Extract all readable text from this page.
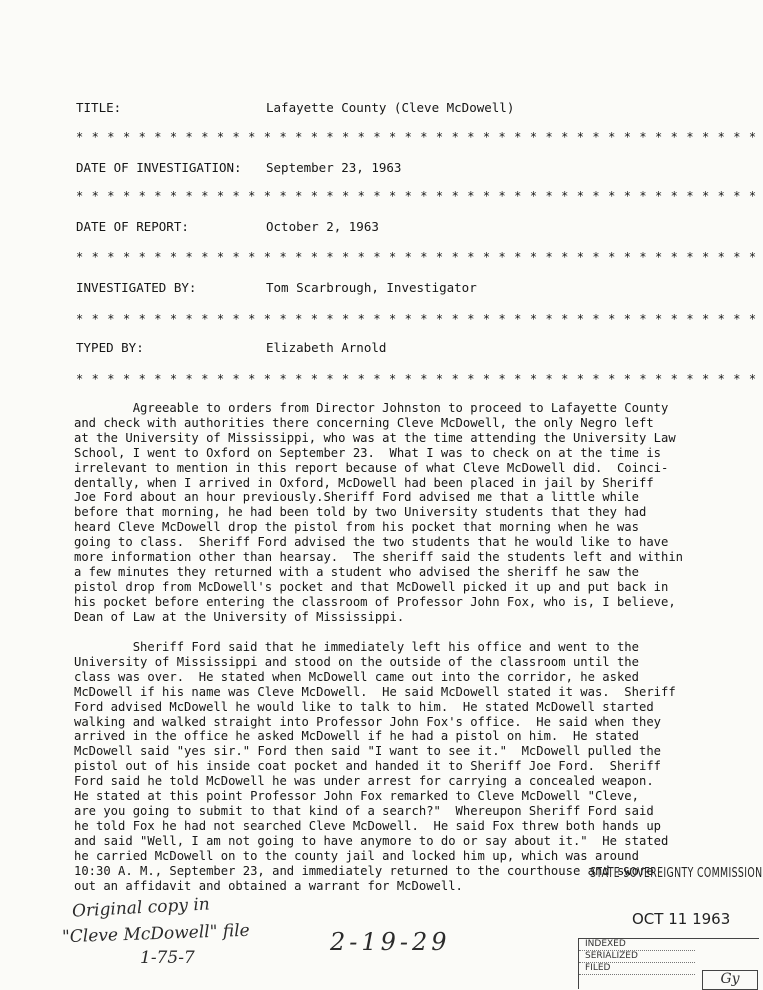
TITLE:	Lafayette County (Cleve McDowell)
* * * * * * * * * * * * * * * * * * * * * * * * * * * * * * * * * * * * * * * * * * * *
DATE OF INVESTIGATION: September 23, 1963
* * * * * * * * * * * * * * * * * * * * * * * * * * * * * * * * * * * * * * * * * * * *
DATE OF REPORT:	October 2, 1963
* * * * * * * * * * * * * * * * * * * * * * * * * * * * * * * * * * * * * * * * * * * *
INVESTIGATED BY:	Tom Scarbrough, Investigator
* * * * * * * * * * * * * * * * * * * * * * * * * * * * * * * * * * * * * * * * * * * *
TYPED BY:	Elizabeth Arnold
* * * * * * * * * * * * * * * * * * * * * * * * * * * * * * * * * * * * * * * * * * * *
Agreeable to orders from Director Johnston to proceed to Lafayette County
and check with authorities there concerning Cleve McDowell, the only Negro left
at the University of Mississippi, who was at the time attending the University Law
School, I went to Oxford on September 23.  What I was to check on at the time is
irrelevant to mention in this report because of what Cleve McDowell did.  Coinci-
dentally, when I arrived in Oxford, McDowell had been placed in jail by Sheriff
Joe Ford about an hour previously.Sheriff Ford advised me that a little while
before that morning, he had been told by two University students that they had
heard Cleve McDowell drop the pistol from his pocket that morning when he was
going to class.  Sheriff Ford advised the two students that he would like to have
more information other than hearsay.  The sheriff said the students left and within
a few minutes they returned with a student who advised the sheriff he saw the
pistol drop from McDowell's pocket and that McDowell picked it up and put back in
his pocket before entering the classroom of Professor John Fox, who is, I believe,
Dean of Law at the University of Mississippi.
Sheriff Ford said that he immediately left his office and went to the
University of Mississippi and stood on the outside of the classroom until the
class was over.  He stated when McDowell came out into the corridor, he asked
McDowell if his name was Cleve McDowell.  He said McDowell stated it was.  Sheriff
Ford advised McDowell he would like to talk to him.  He stated McDowell started
walking and walked straight into Professor John Fox's office.  He said when they
arrived in the office he asked McDowell if he had a pistol on him.  He stated
McDowell said "yes sir." Ford then said "I want to see it."  McDowell pulled the
pistol out of his inside coat pocket and handed it to Sheriff Joe Ford.  Sheriff
Ford said he told McDowell he was under arrest for carrying a concealed weapon.
He stated at this point Professor John Fox remarked to Cleve McDowell "Cleve,
are you going to submit to that kind of a search?"  Whereupon Sheriff Ford said
he told Fox he had not searched Cleve McDowell.  He said Fox threw both hands up
and said "Well, I am not going to have anymore to do or say about it."  He stated
he carried McDowell on to the county jail and locked him up, which was around
10:30 A. M., September 23, and immediately returned to the courthouse and swore
out an affidavit and obtained a warrant for McDowell.
STATE SOVEREIGNTY COMMISSION
OCT 11 1963
INDEXED
SERIALIZED
FILED
Gy
Original copy in
"Cleve McDowell" file
1-75-7
2-19-29
